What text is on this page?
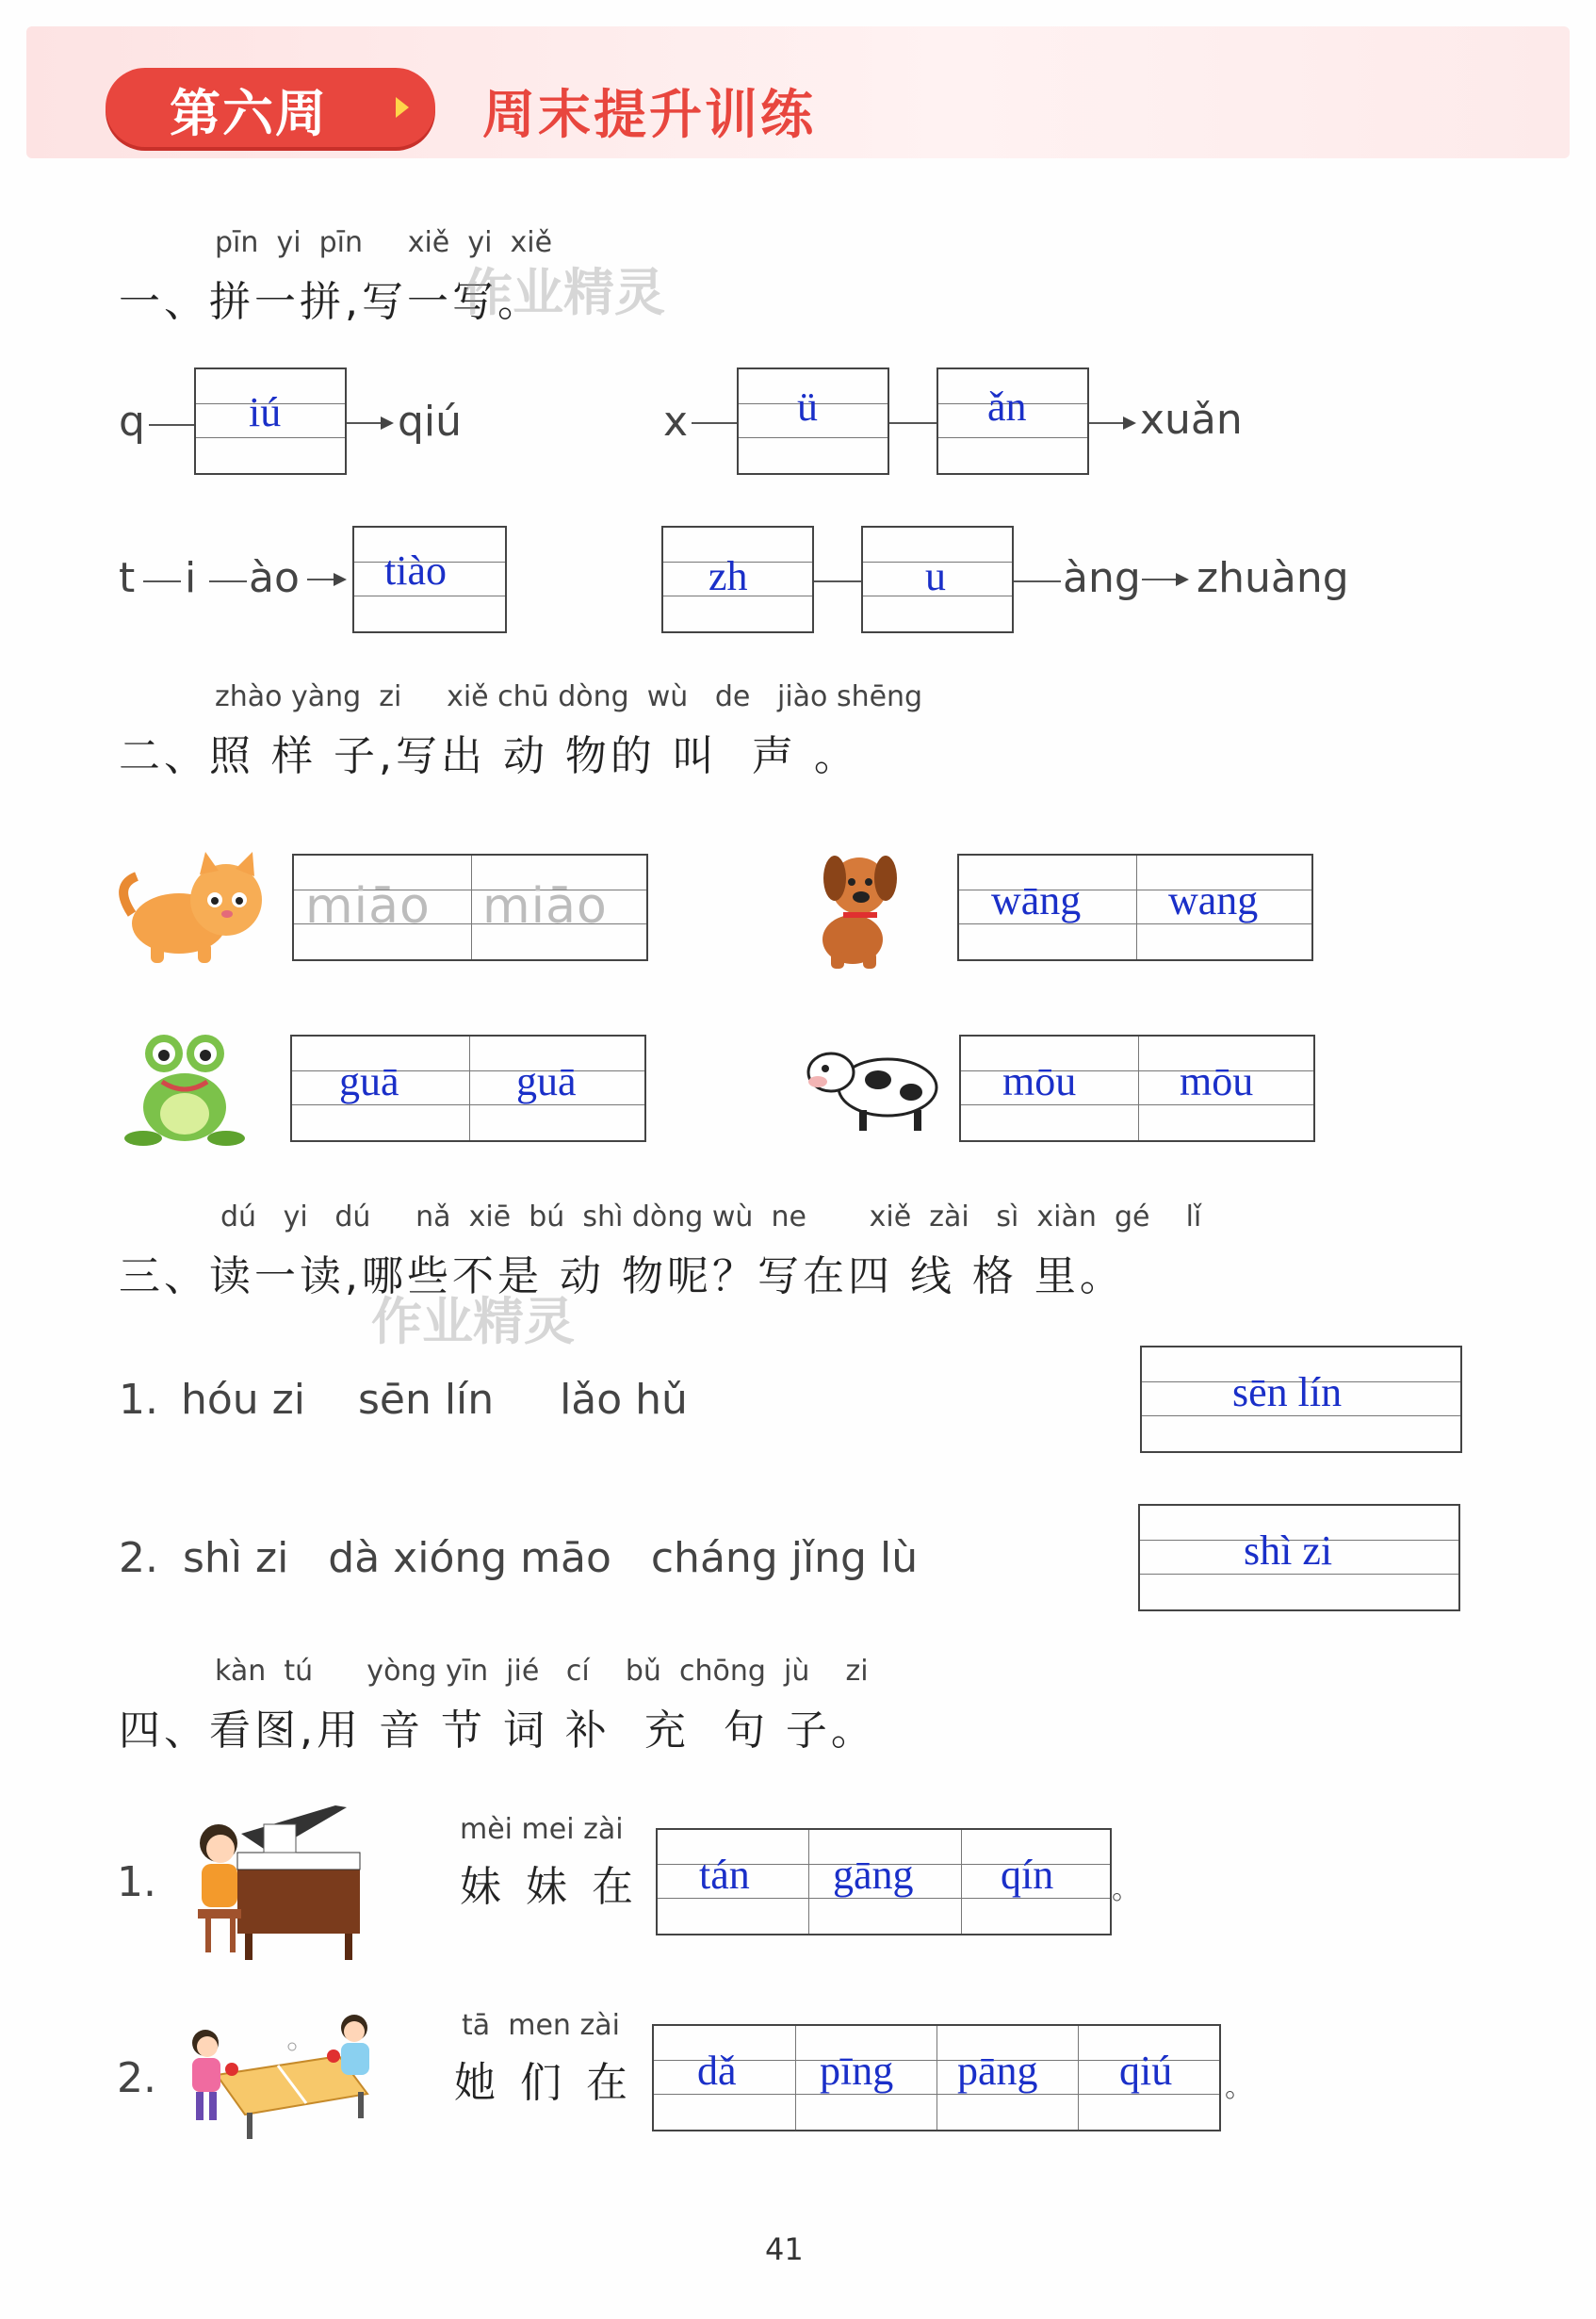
第六周	周末提升训练
pīn  yi  pīn     xiě  yi  xiě
一、拼一拼,写一写。
作业精灵
q	iú	qiú	x	ü	ǎn	xuǎn
t i ào tiào	zh	u	àng zhuàng
zhào yàng  zi     xiě chū dòng  wù   de   jiào shēng
二、照 样 子,写出 动 物的 叫  声 。
miāo miāo	wāng wang
guā	guā	mōu mōu
dú   yi   dú     nǎ  xiē  bú  shì dòng wù  ne       xiě  zài   sì  xiàn  gé    lǐ
三、读一读,哪些不是 动 物呢？写在四 线 格 里。
作业精灵
1. hóu zi    sēn lín     lǎo hǔ	sēn lín
2. shì zi   dà xióng māo   cháng jǐng lù	shì zi
kàn  tú      yòng yīn  jié   cí    bǔ  chōng  jù    zi
四、看图,用 音 节 词 补  充  句 子。
1.
mèi mei zài
妹 妹 在 tán gāng qín 。
2.
tā  men zài
她 们 在 dǎ pīng pāng qiú 。
41
